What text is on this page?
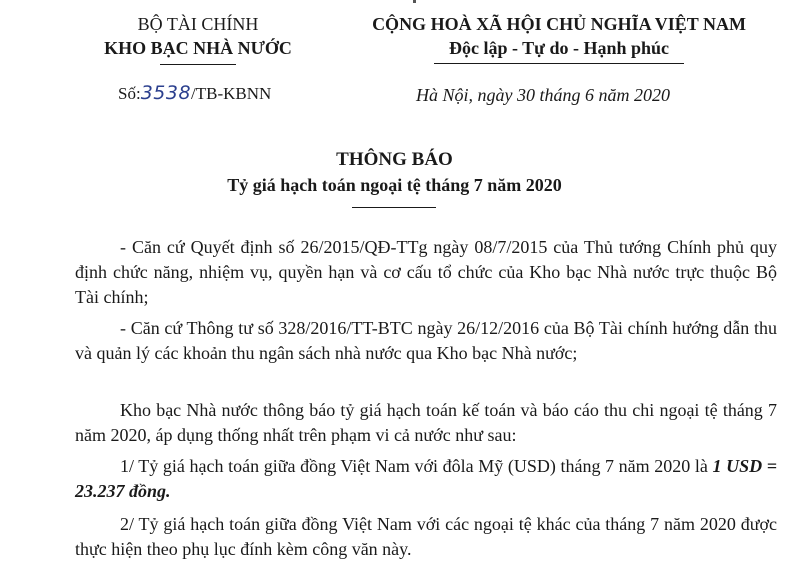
BỘ TÀI CHÍNH
KHO BẠC NHÀ NƯỚC
Số:3538/TB-KBNN
CỘNG HOÀ XÃ HỘI CHỦ NGHĨA VIỆT NAM
Độc lập - Tự do - Hạnh phúc
Hà Nội, ngày 30 tháng 6 năm 2020
THÔNG BÁO
Tỷ giá hạch toán ngoại tệ tháng 7 năm 2020
- Căn cứ Quyết định số 26/2015/QĐ-TTg ngày 08/7/2015 của Thủ tướng Chính phủ quy định chức năng, nhiệm vụ, quyền hạn và cơ cấu tổ chức của Kho bạc Nhà nước trực thuộc Bộ Tài chính;
- Căn cứ Thông tư số 328/2016/TT-BTC ngày 26/12/2016 của Bộ Tài chính hướng dẫn thu và quản lý các khoản thu ngân sách nhà nước qua Kho bạc Nhà nước;
Kho bạc Nhà nước thông báo tỷ giá hạch toán kế toán và báo cáo thu chi ngoại tệ tháng 7 năm 2020, áp dụng thống nhất trên phạm vi cả nước như sau:
1/ Tỷ giá hạch toán giữa đồng Việt Nam với đôla Mỹ (USD) tháng 7 năm 2020 là 1 USD = 23.237 đồng.
2/ Tỷ giá hạch toán giữa đồng Việt Nam với các ngoại tệ khác của tháng 7 năm 2020 được thực hiện theo phụ lục đính kèm công văn này.
